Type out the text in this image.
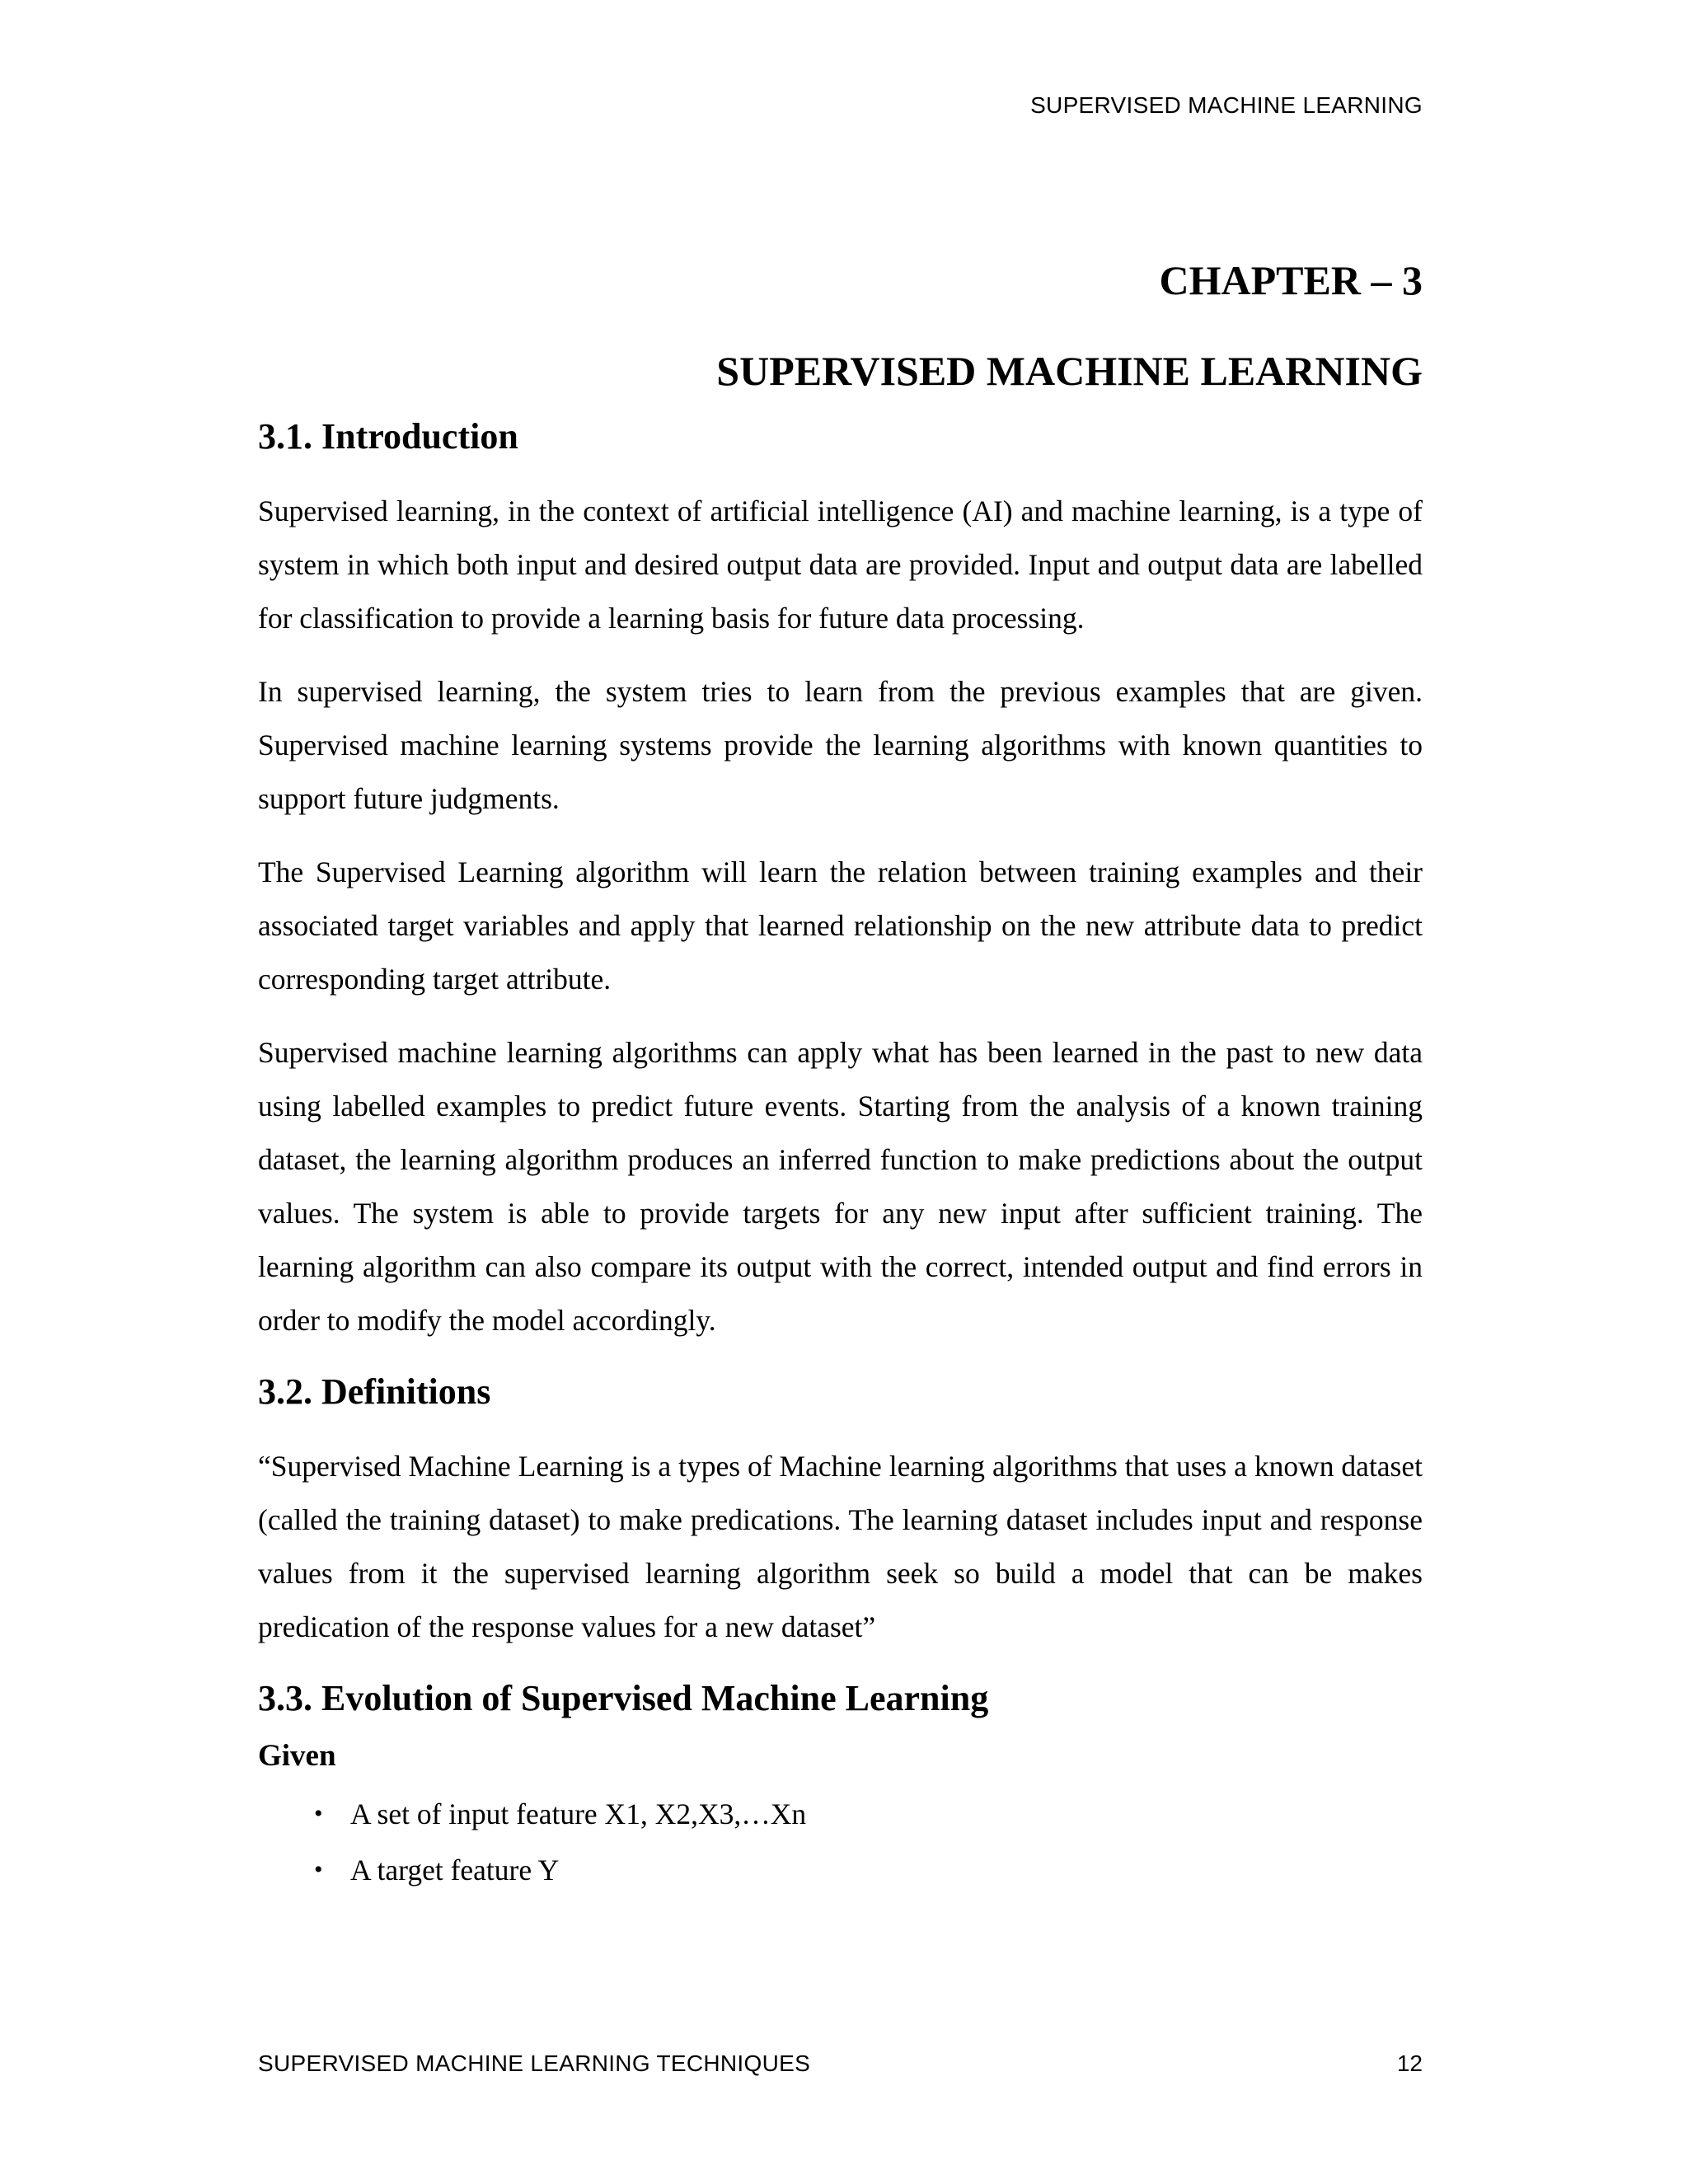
SUPERVISED MACHINE LEARNING
CHAPTER – 3
SUPERVISED MACHINE LEARNING
3.1. Introduction

Supervised learning, in the context of artificial intelligence (AI) and machine learning, is a type of system in which both input and desired output data are provided. Input and output data are labelled for classification to provide a learning basis for future data processing.

In supervised learning, the system tries to learn from the previous examples that are given. Supervised machine learning systems provide the learning algorithms with known quantities to support future judgments.

The Supervised Learning algorithm will learn the relation between training examples and their associated target variables and apply that learned relationship on the new attribute data to predict corresponding target attribute.

Supervised machine learning algorithms can apply what has been learned in the past to new data using labelled examples to predict future events. Starting from the analysis of a known training dataset, the learning algorithm produces an inferred function to make predictions about the output values. The system is able to provide targets for any new input after sufficient training. The learning algorithm can also compare its output with the correct, intended output and find errors in order to modify the model accordingly.

3.2. Definitions

“Supervised Machine Learning is a types of Machine learning algorithms that uses a known dataset (called the training dataset) to make predications. The learning dataset includes input and response values from it the supervised learning algorithm seek so build a model that can be makes predication of the response values for a new dataset”

3.3. Evolution of Supervised Machine Learning
Given
• A set of input feature X1, X2,X3,…Xn
• A target feature Y
SUPERVISED MACHINE LEARNING TECHNIQUES	12
